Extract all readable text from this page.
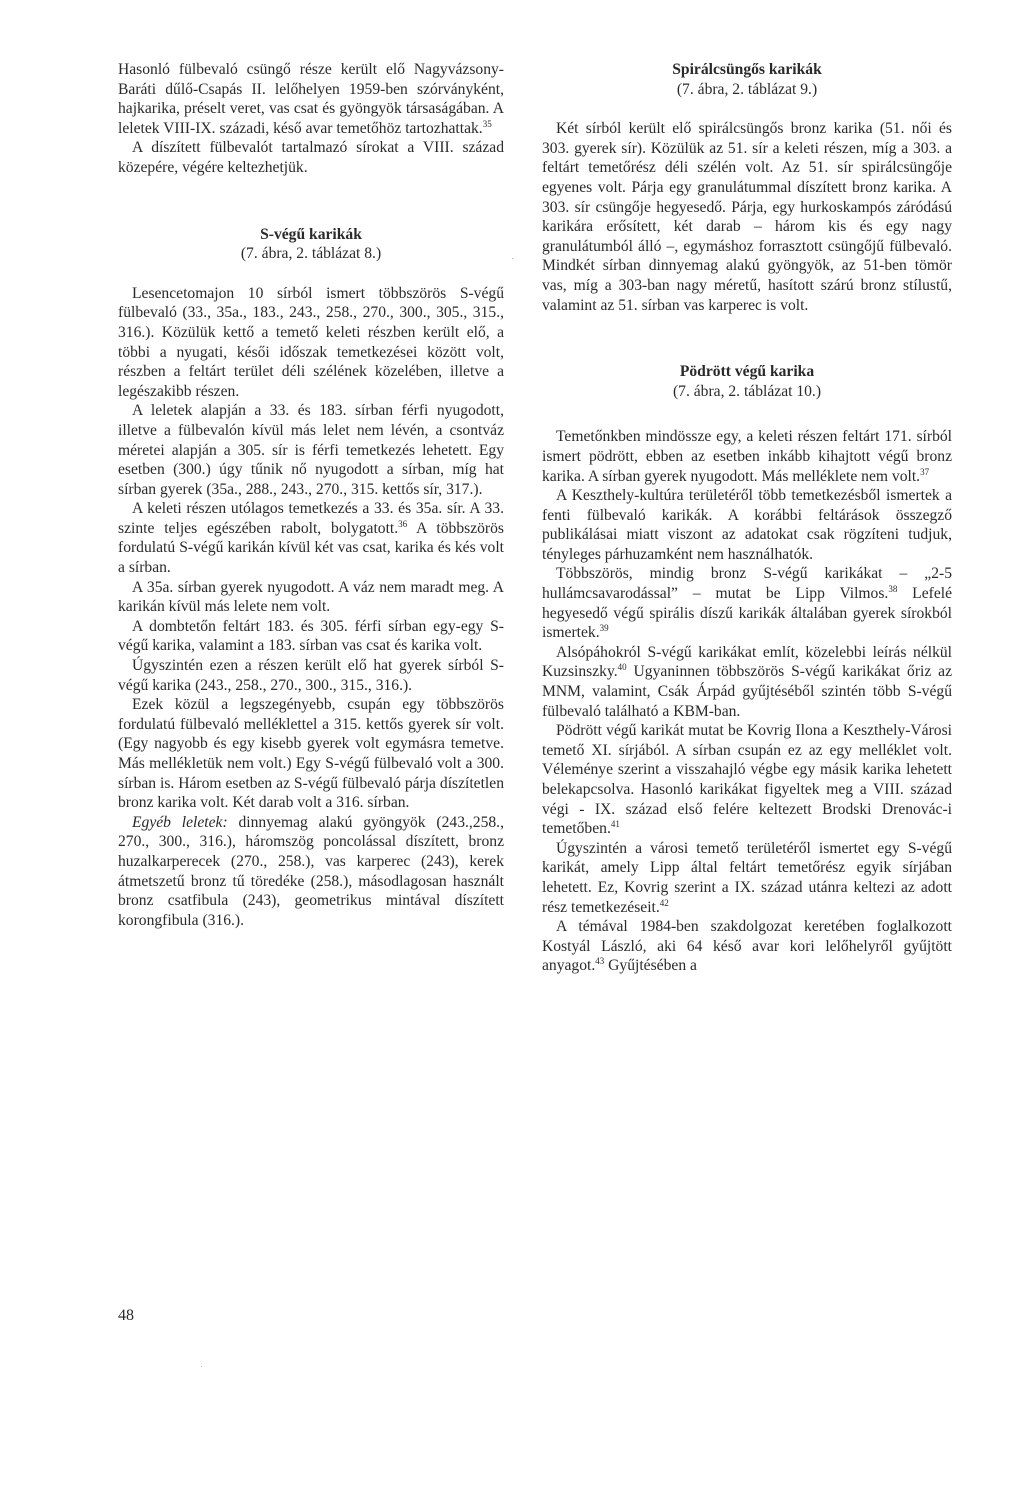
Hasonló fülbevaló csüngő része került elő Nagyvázsony-Baráti dűlő-Csapás II. lelőhelyen 1959-ben szórványként, hajkarika, préselt veret, vas csat és gyöngyök társaságában. A leletek VIII-IX. századi, késő avar temetőhöz tartozhattak.$^{35}$

A díszített fülbevalót tartalmazó sírokat a VIII. század közepére, végére keltezhetjük.

S-végű karikák

(7. ábra, 2. táblázat 8.)

Lesencetomajon 10 sírból ismert többszörös S-végű fülbevaló (33., 35a., 183., 243., 258., 270., 300., 305., 315., 316.). Közülük kettő a temető keleti részben került elő, a többi a nyugati, késői időszak temetkezései között volt, részben a feltárt terület déli szélének közelében, illetve a legészakibb részen.

A leletek alapján a 33. és 183. sírban férfi nyugodott, illetve a fülbevalón kívül más lelet nem lévén, a csontváz méretei alapján a 305. sír is férfi temetkezés lehetett. Egy esetben (300.) úgy tűnik nő nyugodott a sírban, míg hat sírban gyerek (35a., 288., 243., 270., 315. kettős sír, 317.).

A keleti részen utólagos temetkezés a 33. és 35a. sír. A 33. szinte teljes egészében rabolt, bolygatott.$^{36}$ A többszörös fordulatú S-végű karikán kívül két vas csat, karika és kés volt a sírban.

A 35a. sírban gyerek nyugodott. A váz nem maradt meg. A karikán kívül más lelete nem volt.

A dombtetőn feltárt 183. és 305. férfi sírban egy-egy S-végű karika, valamint a 183. sírban vas csat és karika volt.

Úgyszintén ezen a részen került elő hat gyerek sírból S-végű karika (243., 258., 270., 300., 315., 316.).

Ezek közül a legszegényebb, csupán egy többszörös fordulatú fülbevaló melléklettel a 315. kettős gyerek sír volt. (Egy nagyobb és egy kisebb gyerek volt egymásra temetve. Más mellékletük nem volt.) Egy S-végű fülbevaló volt a 300. sírban is. Három esetben az S-végű fülbevaló párja díszítetlen bronz karika volt. Két darab volt a 316. sírban.

Egyéb leletek: dinnyemag alakú gyöngyök (243.,258., 270., 300., 316.), háromszög poncolással díszített, bronz huzalkarperecek (270., 258.), vas karperec (243), kerek átmetszetű bronz tű töredéke (258.), másodlagosan használt bronz csatfibula (243), geometrikus mintával díszített korongfibula (316.).

Spirálcsüngős karikák

(7. ábra, 2. táblázat 9.)

Két sírból került elő spirálcsüngős bronz karika (51. női és 303. gyerek sír). Közülük az 51. sír a keleti részen, míg a 303. a feltárt temetőrész déli szélén volt. Az 51. sír spirálcsüngője egyenes volt. Párja egy granulátummal díszített bronz karika. A 303. sír csüngője hegyesedő. Párja, egy hurkoskampós záródású karikára erősített, két darab – három kis és egy nagy granulátumból álló –, egymáshoz forrasztott csüngőjű fülbevaló. Mindkét sírban dinnyemag alakú gyöngyök, az 51-ben tömör vas, míg a 303-ban nagy méretű, hasított szárú bronz stílustű, valamint az 51. sírban vas karperec is volt.

Pödrött végű karika

(7. ábra, 2. táblázat 10.)

Temetőnkben mindössze egy, a keleti részen feltárt 171. sírból ismert pödrött, ebben az esetben inkább kihajtott végű bronz karika. A sírban gyerek nyugodott. Más melléklete nem volt.$^{37}$

A Keszthely-kultúra területéről több temetkezésből ismertek a fenti fülbevaló karikák. A korábbi feltárások összegző publikálásai miatt viszont az adatokat csak rögzíteni tudjuk, tényleges párhuzamként nem használhatók.

Többszörös, mindig bronz S-végű karikákat – „2-5 hullámcsavarodással” – mutat be Lipp Vilmos.$^{38}$ Lefelé hegyesedő végű spirális díszű karikák általában gyerek sírokból ismertek.$^{39}$

Alsópáhokról S-végű karikákat említ, közelebbi leírás nélkül Kuzsinszky.$^{40}$ Ugyaninnen többszörös S-végű karikákat őriz az MNM, valamint, Csák Árpád gyűjtéséből szintén több S-végű fülbevaló található a KBM-ban.

Pödrött végű karikát mutat be Kovrig Ilona a Keszthely-Városi temető XI. sírjából. A sírban csupán ez az egy melléklet volt. Véleménye szerint a visszahajló végbe egy másik karika lehetett belekapcsolva. Hasonló karikákat figyeltek meg a VIII. század végi - IX. század első felére keltezett Brodski Drenovác-i temetőben.$^{41}$

Úgyszintén a városi temető területéről ismertet egy S-végű karikát, amely Lipp által feltárt temetőrész egyik sírjában lehetett. Ez, Kovrig szerint a IX. század utánra keltezi az adott rész temetkezéseit.$^{42}$

A témával 1984-ben szakdolgozat keretében foglalkozott Kostyál László, aki 64 késő avar kori lelőhelyről gyűjtött anyagot.$^{43}$ Gyűjtésében a

48
